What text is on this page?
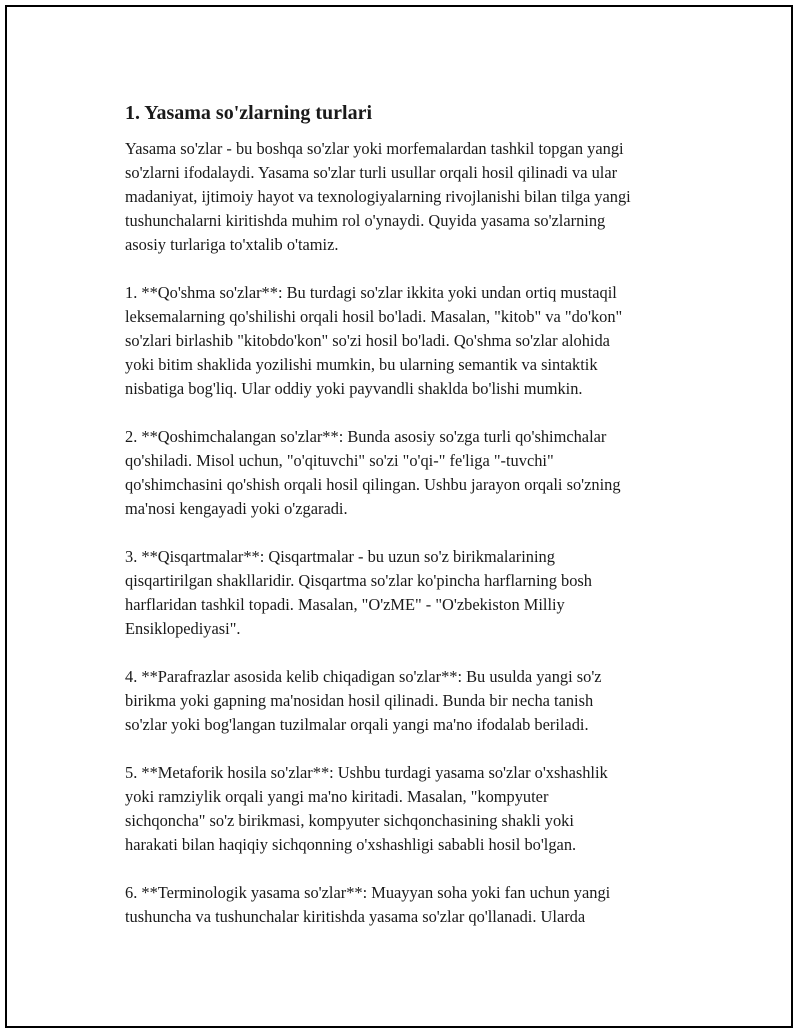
1. Yasama so'zlarning turlari

Yasama so'zlar - bu boshqa so'zlar yoki morfemalardan tashkil topgan yangi
so'zlarni ifodalaydi. Yasama so'zlar turli usullar orqali hosil qilinadi va ular
madaniyat, ijtimoiy hayot va texnologiyalarning rivojlanishi bilan tilga yangi
tushunchalarni kiritishda muhim rol o'ynaydi. Quyida yasama so'zlarning
asosiy turlariga to'xtalib o'tamiz.

1. **Qo'shma so'zlar**: Bu turdagi so'zlar ikkita yoki undan ortiq mustaqil
leksemalarning qo'shilishi orqali hosil bo'ladi. Masalan, "kitob" va "do'kon"
so'zlari birlashib "kitobdo'kon" so'zi hosil bo'ladi. Qo'shma so'zlar alohida
yoki bitim shaklida yozilishi mumkin, bu ularning semantik va sintaktik
nisbatiga bog'liq. Ular oddiy yoki payvandli shaklda bo'lishi mumkin.

2. **Qoshimchalangan so'zlar**: Bunda asosiy so'zga turli qo'shimchalar
qo'shiladi. Misol uchun, "o'qituvchi" so'zi "o'qi-" fe'liga "-tuvchi"
qo'shimchasini qo'shish orqali hosil qilingan. Ushbu jarayon orqali so'zning
ma'nosi kengayadi yoki o'zgaradi.

3. **Qisqartmalar**: Qisqartmalar - bu uzun so'z birikmalarining
qisqartirilgan shakllaridir. Qisqartma so'zlar ko'pincha harflarning bosh
harflaridan tashkil topadi. Masalan, "O'zME" - "O'zbekiston Milliy
Ensiklopediyasi".

4. **Parafrazlar asosida kelib chiqadigan so'zlar**: Bu usulda yangi so'z
birikma yoki gapning ma'nosidan hosil qilinadi. Bunda bir necha tanish
so'zlar yoki bog'langan tuzilmalar orqali yangi ma'no ifodalab beriladi.

5. **Metaforik hosila so'zlar**: Ushbu turdagi yasama so'zlar o'xshashlik
yoki ramziylik orqali yangi ma'no kiritadi. Masalan, "kompyuter
sichqoncha" so'z birikmasi, kompyuter sichqonchasining shakli yoki
harakati bilan haqiqiy sichqonning o'xshashligi sababli hosil bo'lgan.

6. **Terminologik yasama so'zlar**: Muayyan soha yoki fan uchun yangi
tushuncha va tushunchalar kiritishda yasama so'zlar qo'llanadi. Ularda
